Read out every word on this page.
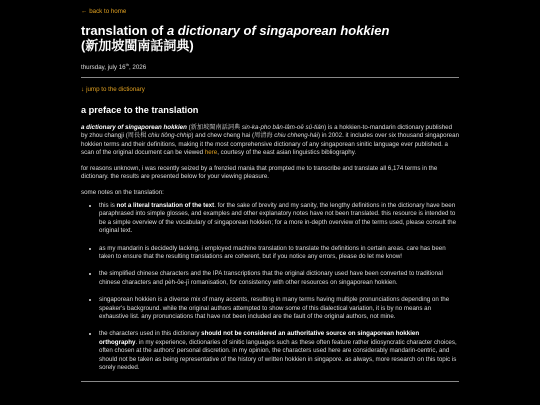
← back to home
translation of a dictionary of singaporean hokkien
(新加坡閩南話詞典)
thursday, july 16th, 2026
↓ jump to the dictionary
a preface to the translation

a dictionary of singaporean hokkien (新加坡閩南話詞典 sin-ka-pho bân-lâm-oē sû-tián) is a hokkien-to-mandarin dictionary published by zhou changji (周長楫 chiu tiông-chhip) and chew cheng hai (周清海 chiu chheng-hái) in 2002. it includes over six thousand singaporean hokkien terms and their definitions, making it the most comprehensive dictionary of any singaporean sinitic language ever published. a scan of the original document can be viewed here, courtesy of the east asian linguistics bibliography.

for reasons unknown, i was recently seized by a frenzied mania that prompted me to transcribe and translate all 6,174 terms in the dictionary. the results are presented below for your viewing pleasure.

some notes on the translation:

• this is not a literal translation of the text. for the sake of brevity and my sanity, the lengthy definitions in the dictionary have been paraphrased into simple glosses, and examples and other explanatory notes have not been translated. this resource is intended to be a simple overview of the vocabulary of singaporean hokkien; for a more in-depth overview of the terms used, please consult the original text.
• as my mandarin is decidedly lacking, i employed machine translation to translate the definitions in certain areas. care has been taken to ensure that the resulting translations are coherent, but if you notice any errors, please do let me know!
• the simplified chinese characters and the IPA transcriptions that the original dictionary used have been converted to traditional chinese characters and pe̍h-ōe-jī romanisation, for consistency with other resources on singaporean hokkien.
• singaporean hokkien is a diverse mix of many accents, resulting in many terms having multiple pronunciations depending on the speaker's background. while the original authors attempted to show some of this dialectical variation, it is by no means an exhaustive list. any pronunciations that have not been included are the fault of the original authors, not mine.
• the characters used in this dictionary should not be considered an authoritative source on singaporean hokkien orthography. in my experience, dictionaries of sinitic languages such as these often feature rather idiosyncratic character choices, often chosen at the authors' personal discretion. in my opinion, the characters used here are considerably mandarin-centric, and should not be taken as being representative of the history of written hokkien in singapore. as always, more research on this topic is sorely needed.
